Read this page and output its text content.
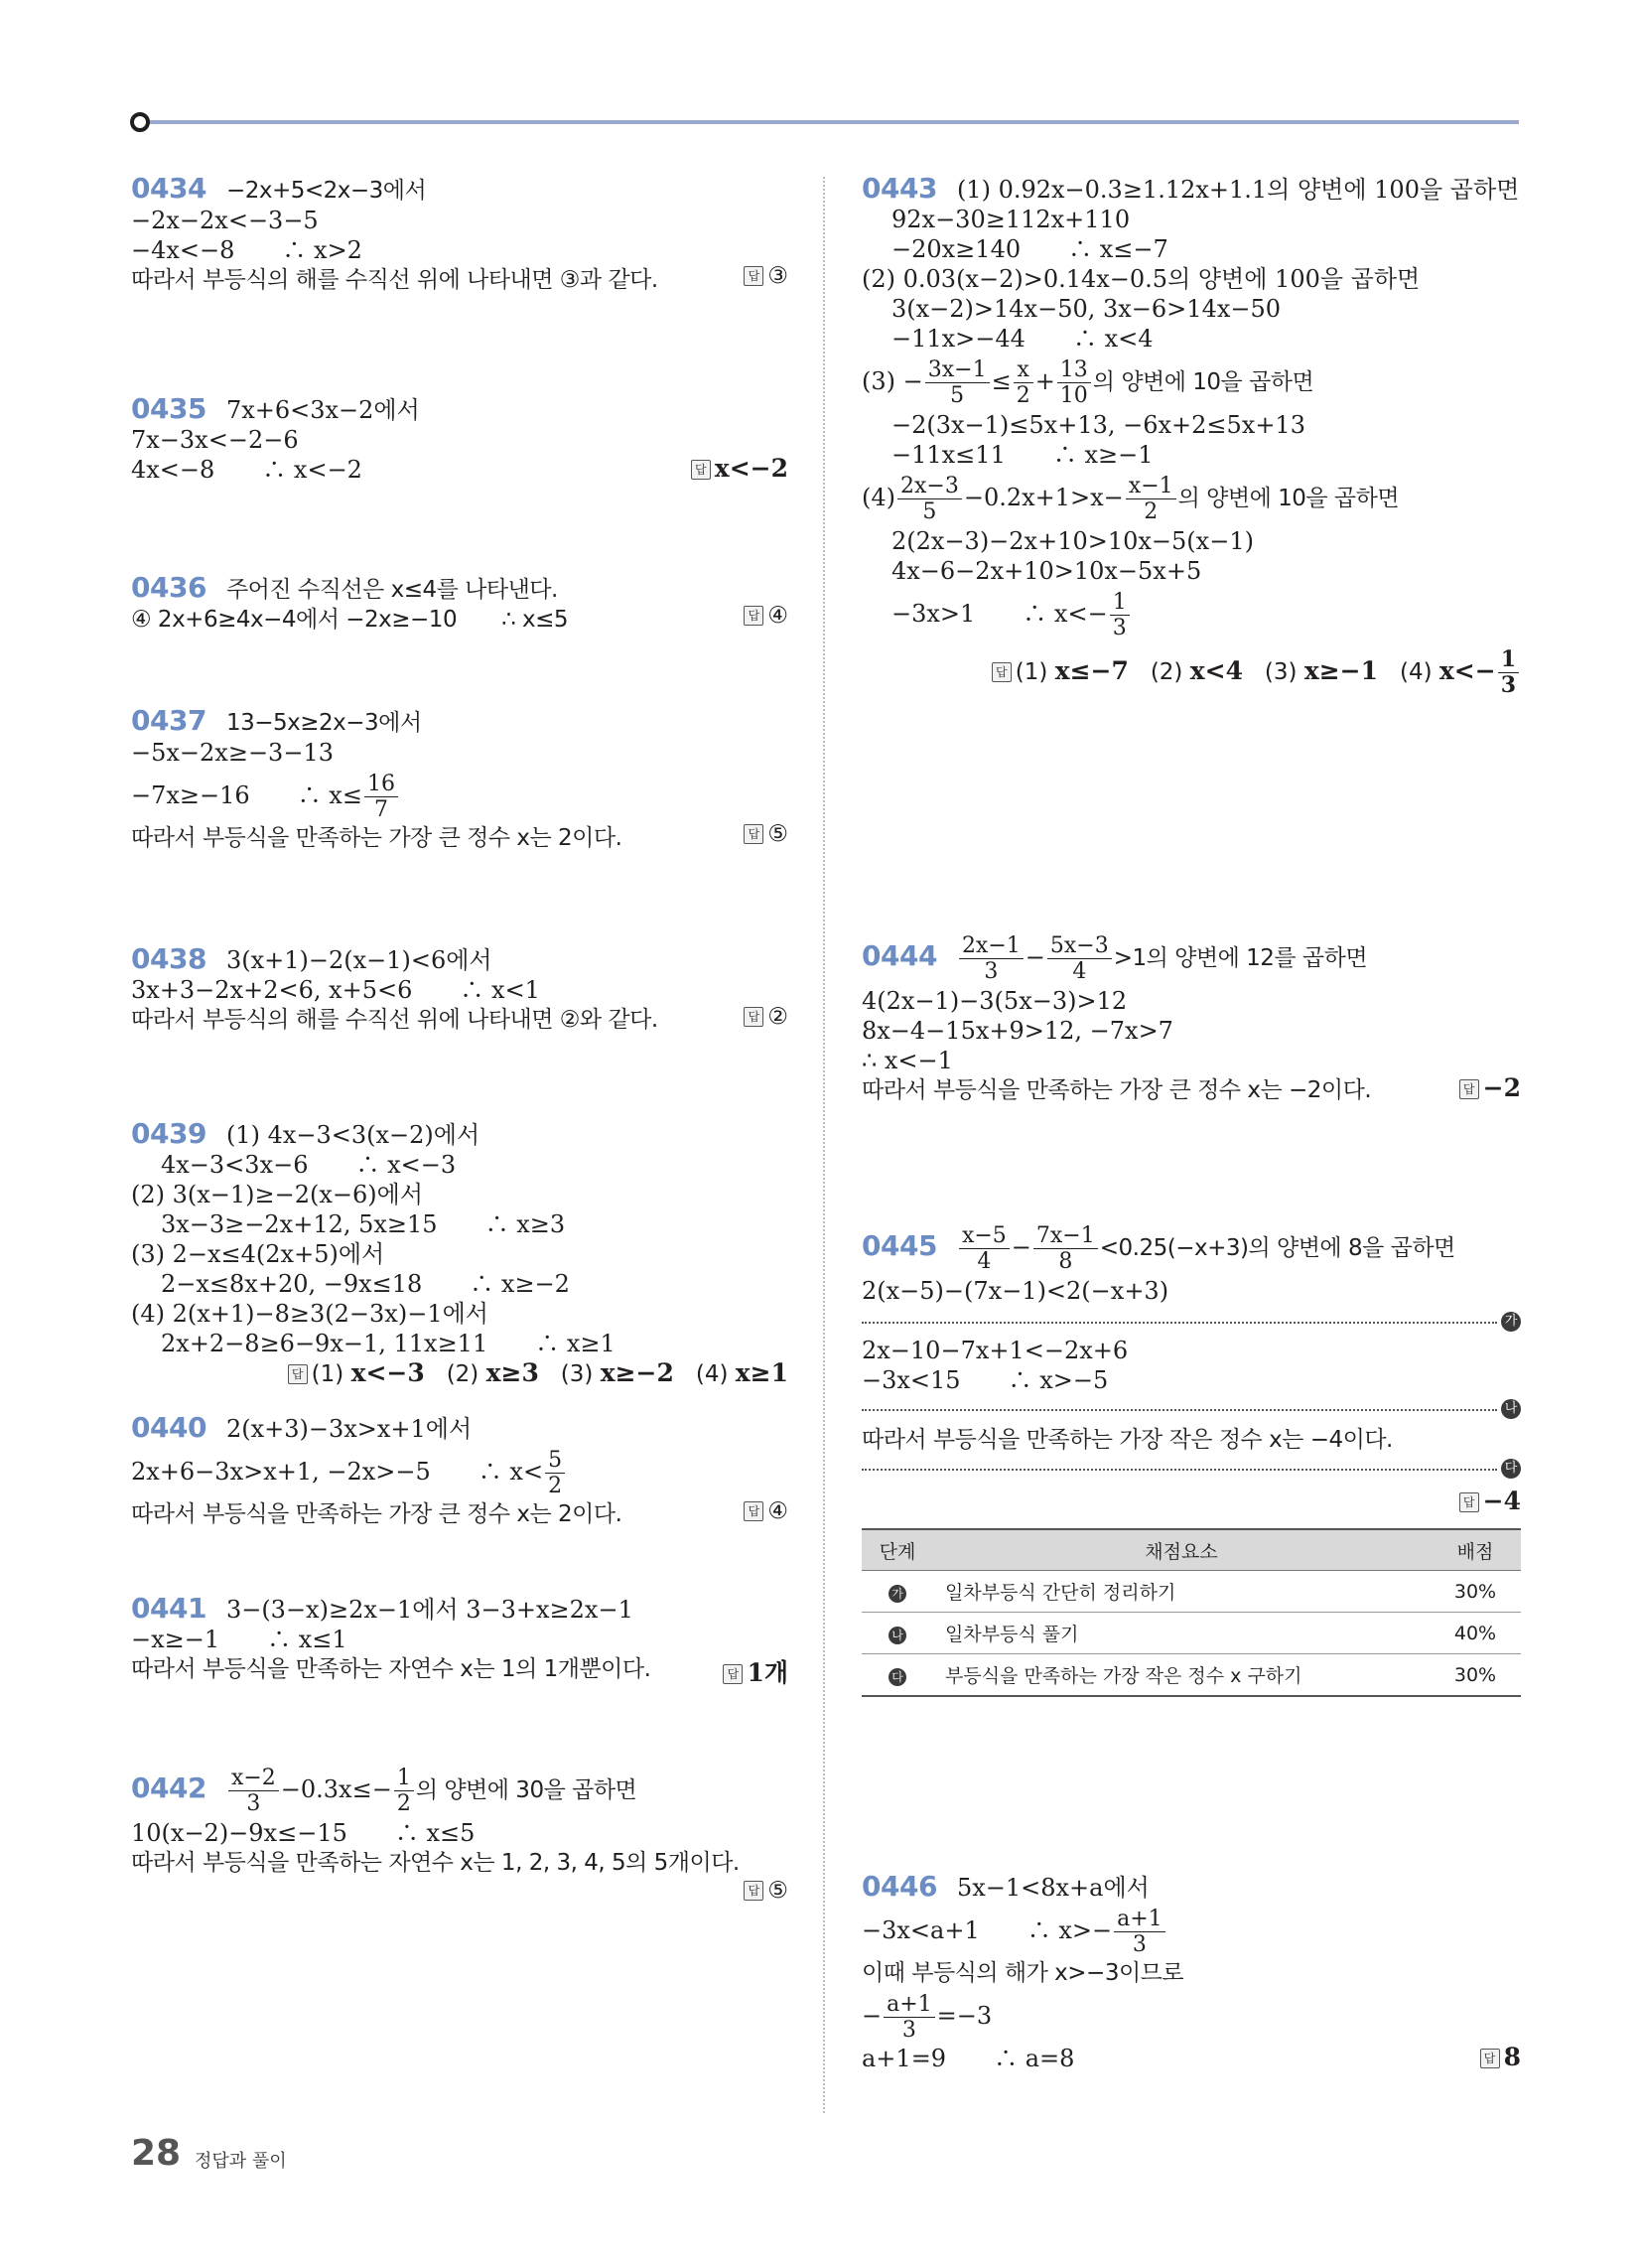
0434 −2x+5<2x−3에서
−2x−2x<−3−5
−4x<−8　　∴ x>2
따라서 부등식의 해를 수직선 위에 나타내면 ③과 같다.	답 ③
0435 7x+6<3x−2에서
7x−3x<−2−6
4x<−8　　∴ x<−2	답 x<−2
0436 주어진 수직선은 x≤4를 나타낸다.
④ 2x+6≥4x−4에서 −2x≥−10　　∴ x≤5	답 ④
0437 13−5x≥2x−3에서
−5x−2x≥−3−13
−7x≥−16　　∴ $x\le \frac{16}{7}$
따라서 부등식을 만족하는 가장 큰 정수 x는 2이다.	답 ⑤
0438 3(x+1)−2(x−1)<6에서
3x+3−2x+2<6, x+5<6　　∴ x<1
따라서 부등식의 해를 수직선 위에 나타내면 ②와 같다.	답 ②
0439 (1) 4x−3<3(x−2)에서
4x−3<3x−6　　∴ x<−3
(2) 3(x−1)≥−2(x−6)에서
3x−3≥−2x+12, 5x≥15　　∴ x≥3
(3) 2−x≤4(2x+5)에서
2−x≤8x+20, −9x≤18　　∴ x≥−2
(4) 2(x+1)−8≥3(2−3x)−1에서
2x+2−8≥6−9x−1, 11x≥11　　∴ x≥1
답 (1) x<−3 (2) x≥3 (3) x≥−2 (4) x≥1
0440 2(x+3)−3x>x+1에서
2x+6−3x>x+1, −2x>−5　　∴ $x< \frac{5}{2}$
따라서 부등식을 만족하는 가장 큰 정수 x는 2이다.	답 ④
0441 3−(3−x)≥2x−1에서 3−3+x≥2x−1
−x≥−1　　∴ x≤1
따라서 부등식을 만족하는 자연수 x는 1의 1개뿐이다.	답 1개
$0442 \frac{x-2}{3} -0.3x\le- \frac{1}{2}$ 의 양변에 30을 곱하면
10(x−2)−9x≤−15　　∴ x≤5
따라서 부등식을 만족하는 자연수 x는 1, 2, 3, 4, 5의 5개이다.
답 ⑤
0443 (1) 0.92x−0.3≥1.12x+1.1의 양변에 100을 곱하면
92x−30≥112x+110
−20x≥140　　∴ x≤−7
(2) 0.03(x−2)>0.14x−0.5의 양변에 100을 곱하면
3(x−2)>14x−50, 3x−6>14x−50
−11x>−44　　∴ x<4
$(3) - \frac{3x-1}{5} \le \frac{x}{2} + \frac{13}{10}$ 의 양변에 10을 곱하면
−2(3x−1)≤5x+13, −6x+2≤5x+13
−11x≤11　　∴ x≥−1
$(4) \frac{2x-3}{5} -0.2x+1>x- \frac{x-1}{2}$ 의 양변에 10을 곱하면
2(2x−3)−2x+10>10x−5(x−1)
4x−6−2x+10>10x−5x+5
−3x>1　　∴ $x<- \frac{1}{3}$
답 (1) x≤−7 (2) x<4 (3) x≥−1 (4) $x<- \frac{1}{3}$
$0444 \frac{2x-1}{3} - \frac{5x-3}{4} >1$의 양변에 12를 곱하면
4(2x−1)−3(5x−3)>12
8x−4−15x+9>12, −7x>7
∴ x<−1
따라서 부등식을 만족하는 가장 큰 정수 x는 −2이다.	답 −2
$0445 \frac{x-5}{4} - \frac{7x-1}{8} <0.25(-x+3)$의 양변에 8을 곱하면
2(x−5)−(7x−1)<2(−x+3)
가
2x−10−7x+1<−2x+6
−3x<15　　∴ x>−5
나
따라서 부등식을 만족하는 가장 작은 정수 x는 −4이다.
다
답 −4
단계	채점요소	배점
가	일차부등식 간단히 정리하기	30%
나	일차부등식 풀기	40%
다	부등식을 만족하는 가장 작은 정수 x 구하기	30%
0446 5x−1<8x+a에서
−3x<a+1　　∴ $x>- \frac{a+1}{3}$
이때 부등식의 해가 x>−3이므로
− $\frac{a+1}{3} =-3$
a+1=9　　∴ a=8	답 8
28 정답과 풀이
